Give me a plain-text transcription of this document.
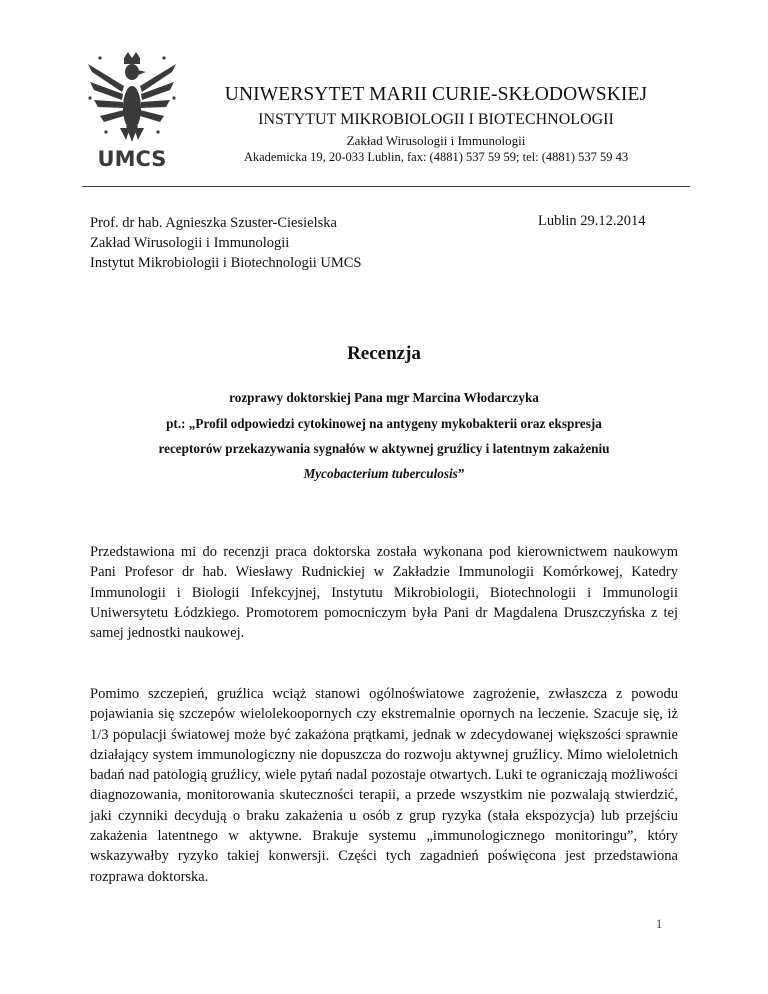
UMCS
UNIWERSYTET MARII CURIE-SKŁODOWSKIEJ
INSTYTUT MIKROBIOLOGII I BIOTECHNOLOGII
Zakład Wirusologii i Immunologii
Akademicka 19, 20-033 Lublin, fax: (4881) 537 59 59; tel: (4881) 537 59 43
Prof. dr hab. Agnieszka Szuster-Ciesielska
Zakład Wirusologii i Immunologii
Instytut Mikrobiologii i Biotechnologii UMCS
Lublin 29.12.2014
Recenzja
rozprawy doktorskiej Pana mgr Marcina Włodarczyka
pt.: „Profil odpowiedzi cytokinowej na antygeny mykobakterii oraz ekspresja
receptorów przekazywania sygnałów w aktywnej gruźlicy i latentnym zakażeniu
Mycobacterium tuberculosis”
Przedstawiona mi do recenzji praca doktorska została wykonana pod kierownictwem naukowym Pani Profesor dr hab. Wiesławy Rudnickiej w Zakładzie Immunologii Komórkowej, Katedry Immunologii i Biologii Infekcyjnej, Instytutu Mikrobiologii, Biotechnologii i Immunologii Uniwersytetu Łódzkiego. Promotorem pomocniczym była Pani dr Magdalena Druszczyńska z tej samej jednostki naukowej.
Pomimo szczepień, gruźlica wciąż stanowi ogólnoświatowe zagrożenie, zwłaszcza z powodu pojawiania się szczepów wielolekoopornych czy ekstremalnie opornych na leczenie. Szacuje się, iż 1/3 populacji światowej może być zakażona prątkami, jednak w zdecydowanej większości sprawnie działający system immunologiczny nie dopuszcza do rozwoju aktywnej gruźlicy. Mimo wieloletnich badań nad patologią gruźlicy, wiele pytań nadal pozostaje otwartych. Luki te ograniczają możliwości diagnozowania, monitorowania skuteczności terapii, a przede wszystkim nie pozwalają stwierdzić, jaki czynniki decydują o braku zakażenia u osób z grup ryzyka (stała ekspozycja) lub przejściu zakażenia latentnego w aktywne. Brakuje systemu „immunologicznego monitoringu”, który wskazywałby ryzyko takiej konwersji. Części tych zagadnień poświęcona jest przedstawiona rozprawa doktorska.
1
